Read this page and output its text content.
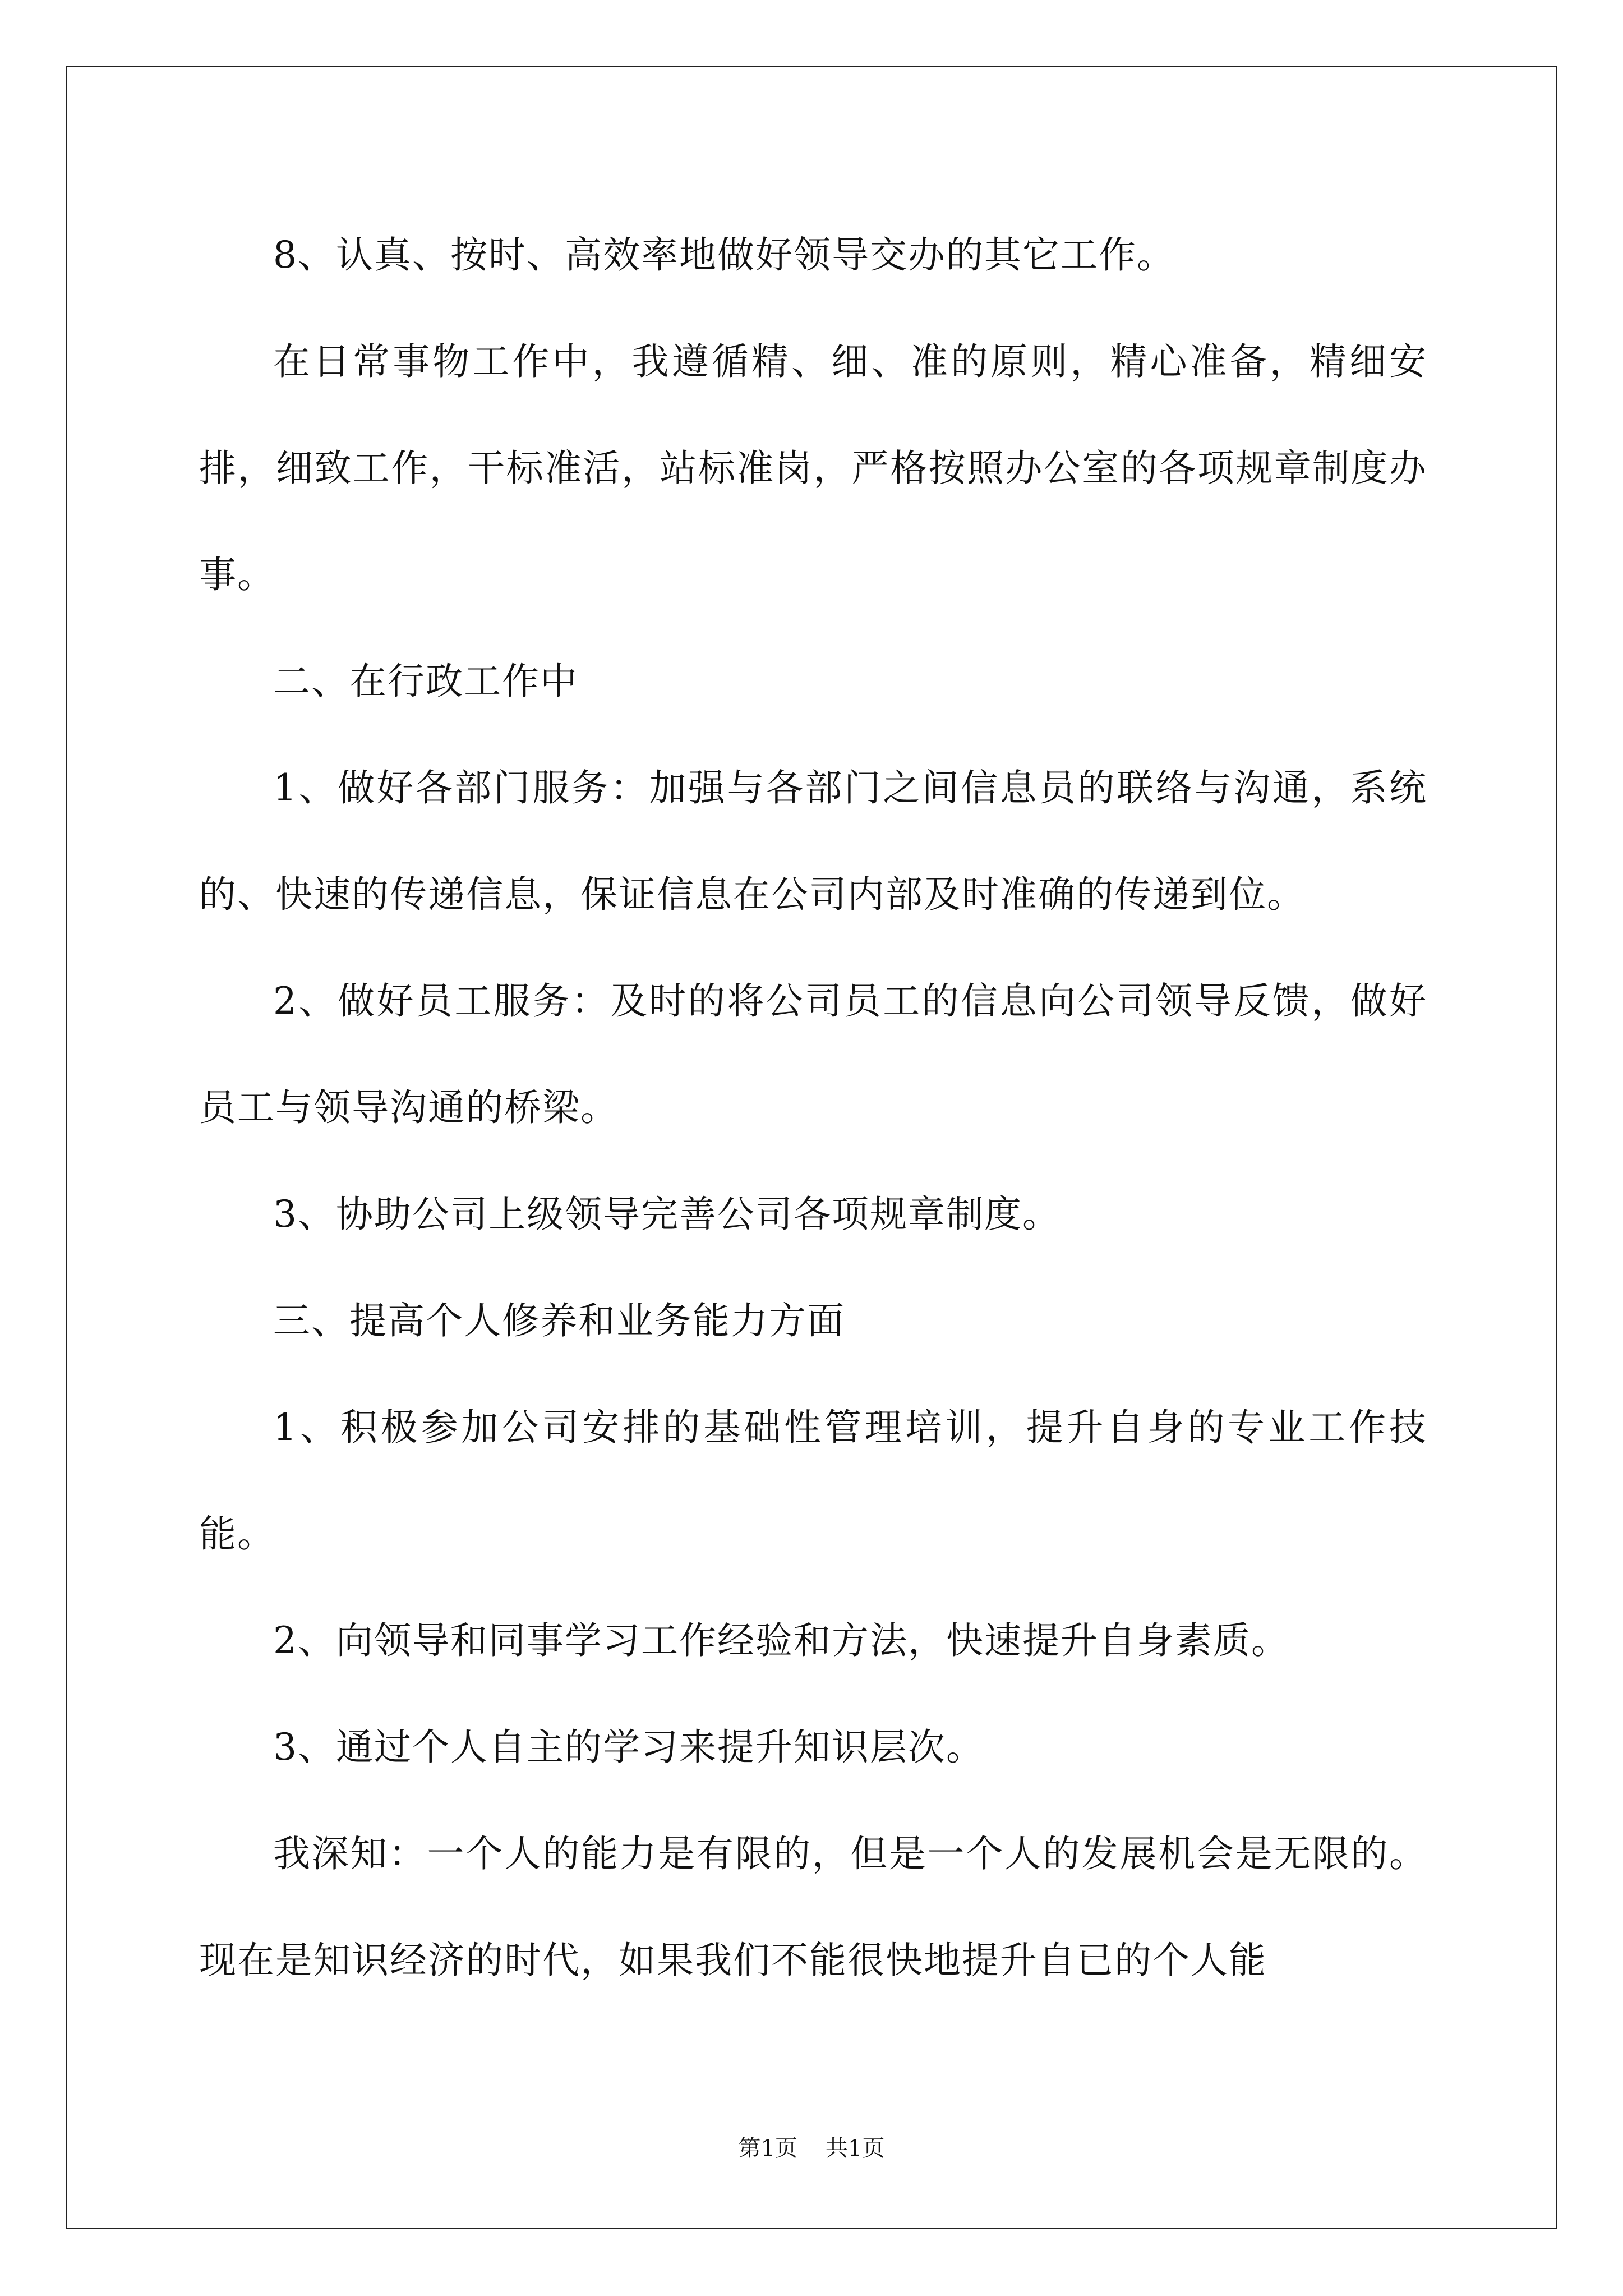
8、认真、按时、高效率地做好领导交办的其它工作。

在日常事物工作中，我遵循精、细、准的原则，精心准备，精细安排，细致工作，干标准活，站标准岗，严格按照办公室的各项规章制度办事。

二、在行政工作中

1、做好各部门服务：加强与各部门之间信息员的联络与沟通，系统的、快速的传递信息，保证信息在公司内部及时准确的传递到位。

2、做好员工服务：及时的将公司员工的信息向公司领导反馈，做好员工与领导沟通的桥梁。

3、协助公司上级领导完善公司各项规章制度。

三、提高个人修养和业务能力方面

1、积极参加公司安排的基础性管理培训，提升自身的专业工作技能。

2、向领导和同事学习工作经验和方法，快速提升自身素质。

3、通过个人自主的学习来提升知识层次。

我深知：一个人的能力是有限的，但是一个人的发展机会是无限的。现在是知识经济的时代，如果我们不能很快地提升自已的个人能

第1页 共1页
